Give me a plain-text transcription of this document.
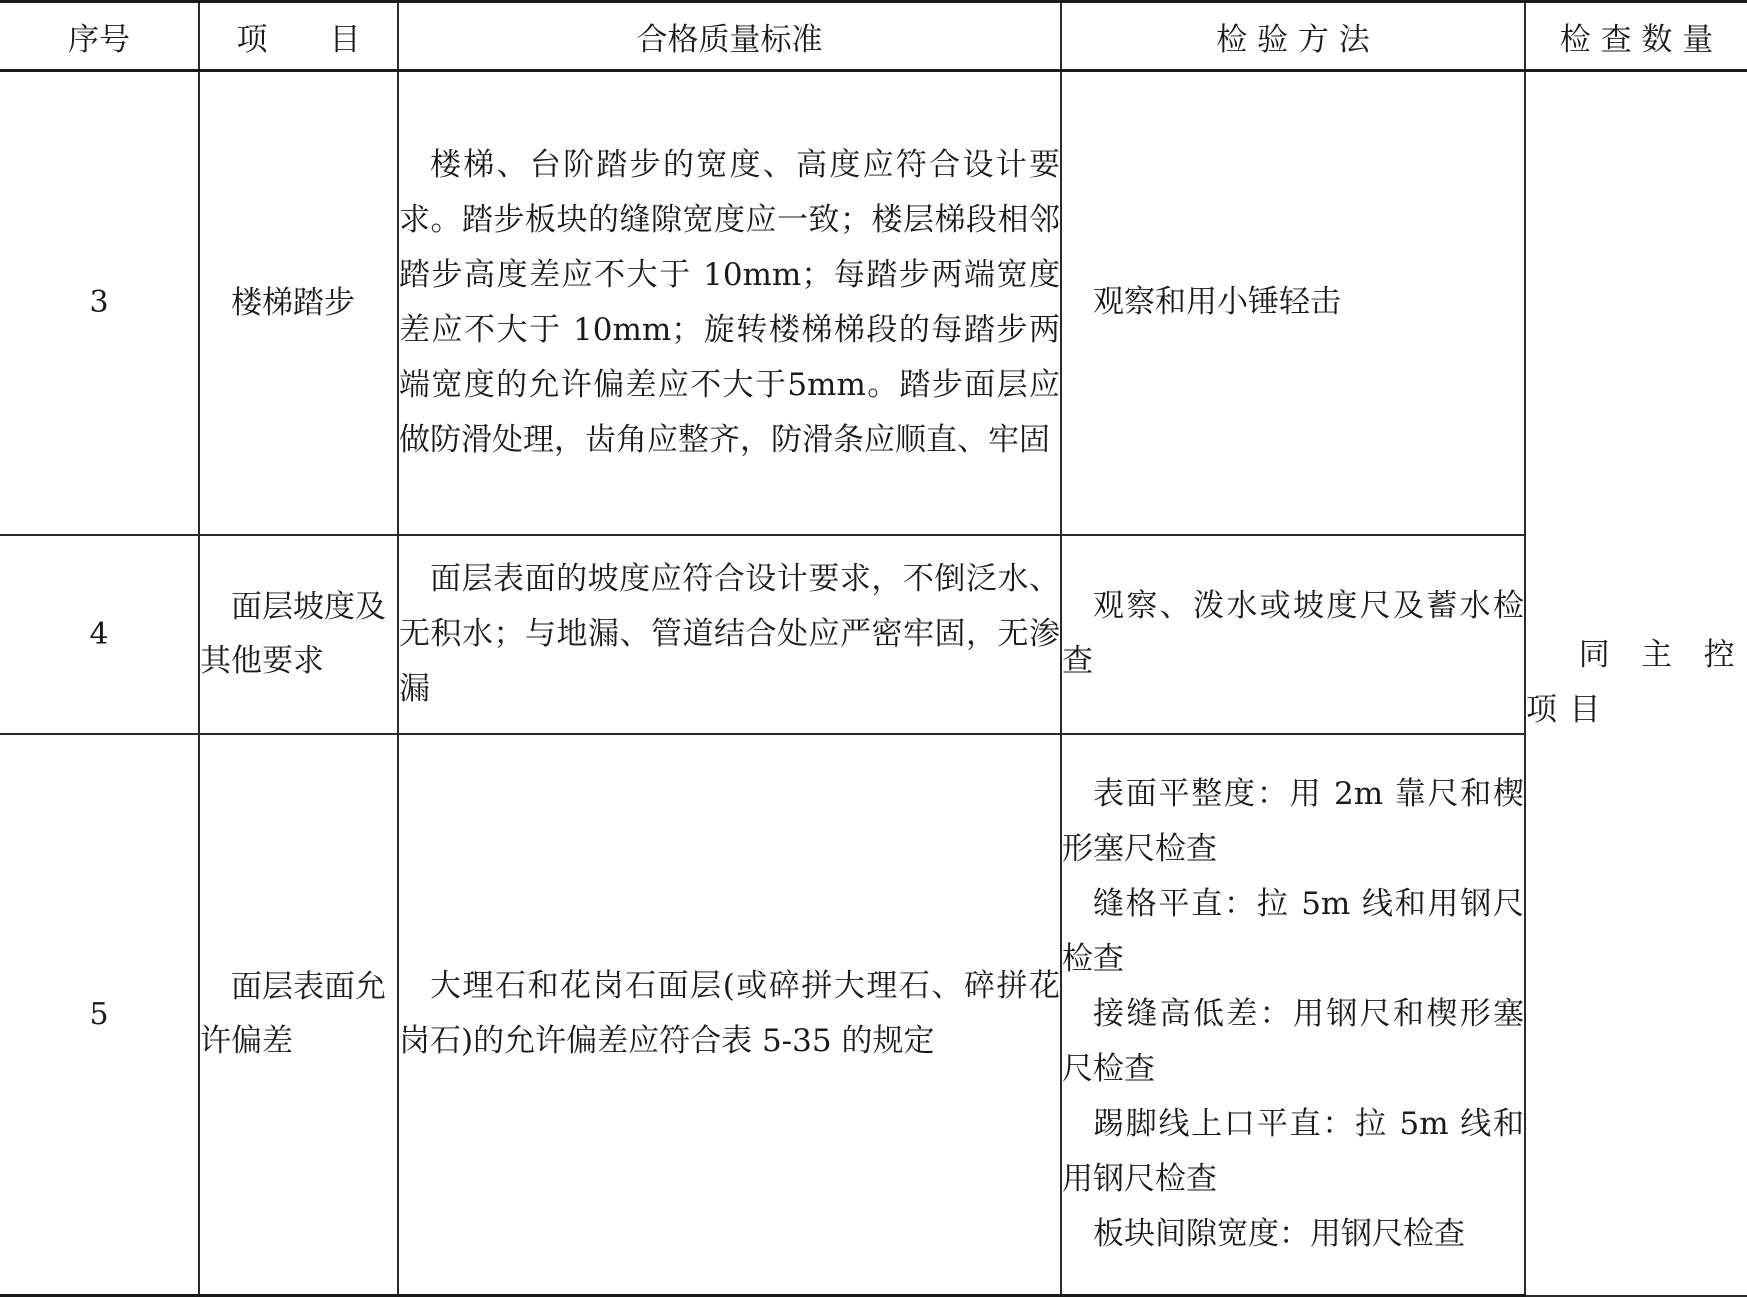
序号	项　　目	合格质量标准	检 验 方 法	检 查 数 量
3	楼梯踏步	楼梯、台阶踏步的宽度、高度应符合设计要求。踏步板块的缝隙宽度应一致；楼层梯段相邻踏步高度差应不大于 10mm；每踏步两端宽度差应不大于 10mm；旋转楼梯梯段的每踏步两端宽度的允许偏差应不大于5mm。踏步面层应做防滑处理，齿角应整齐，防滑条应顺直、牢固	观察和用小锤轻击	同主控项目

4	面层坡度及其他要求	面层表面的坡度应符合设计要求，不倒泛水、无积水；与地漏、管道结合处应严密牢固，无渗漏	观察、泼水或坡度尺及蓄水检查	

5	面层表面允许偏差	大理石和花岗石面层(或碎拼大理石、碎拼花岗石)的允许偏差应符合表 5-35 的规定	表面平整度：用 2m 靠尺和楔形塞尺检查
缝格平直：拉 5m 线和用钢尺检查
接缝高低差：用钢尺和楔形塞尺检查
踢脚线上口平直：拉 5m 线和用钢尺检查
板块间隙宽度：用钢尺检查	
